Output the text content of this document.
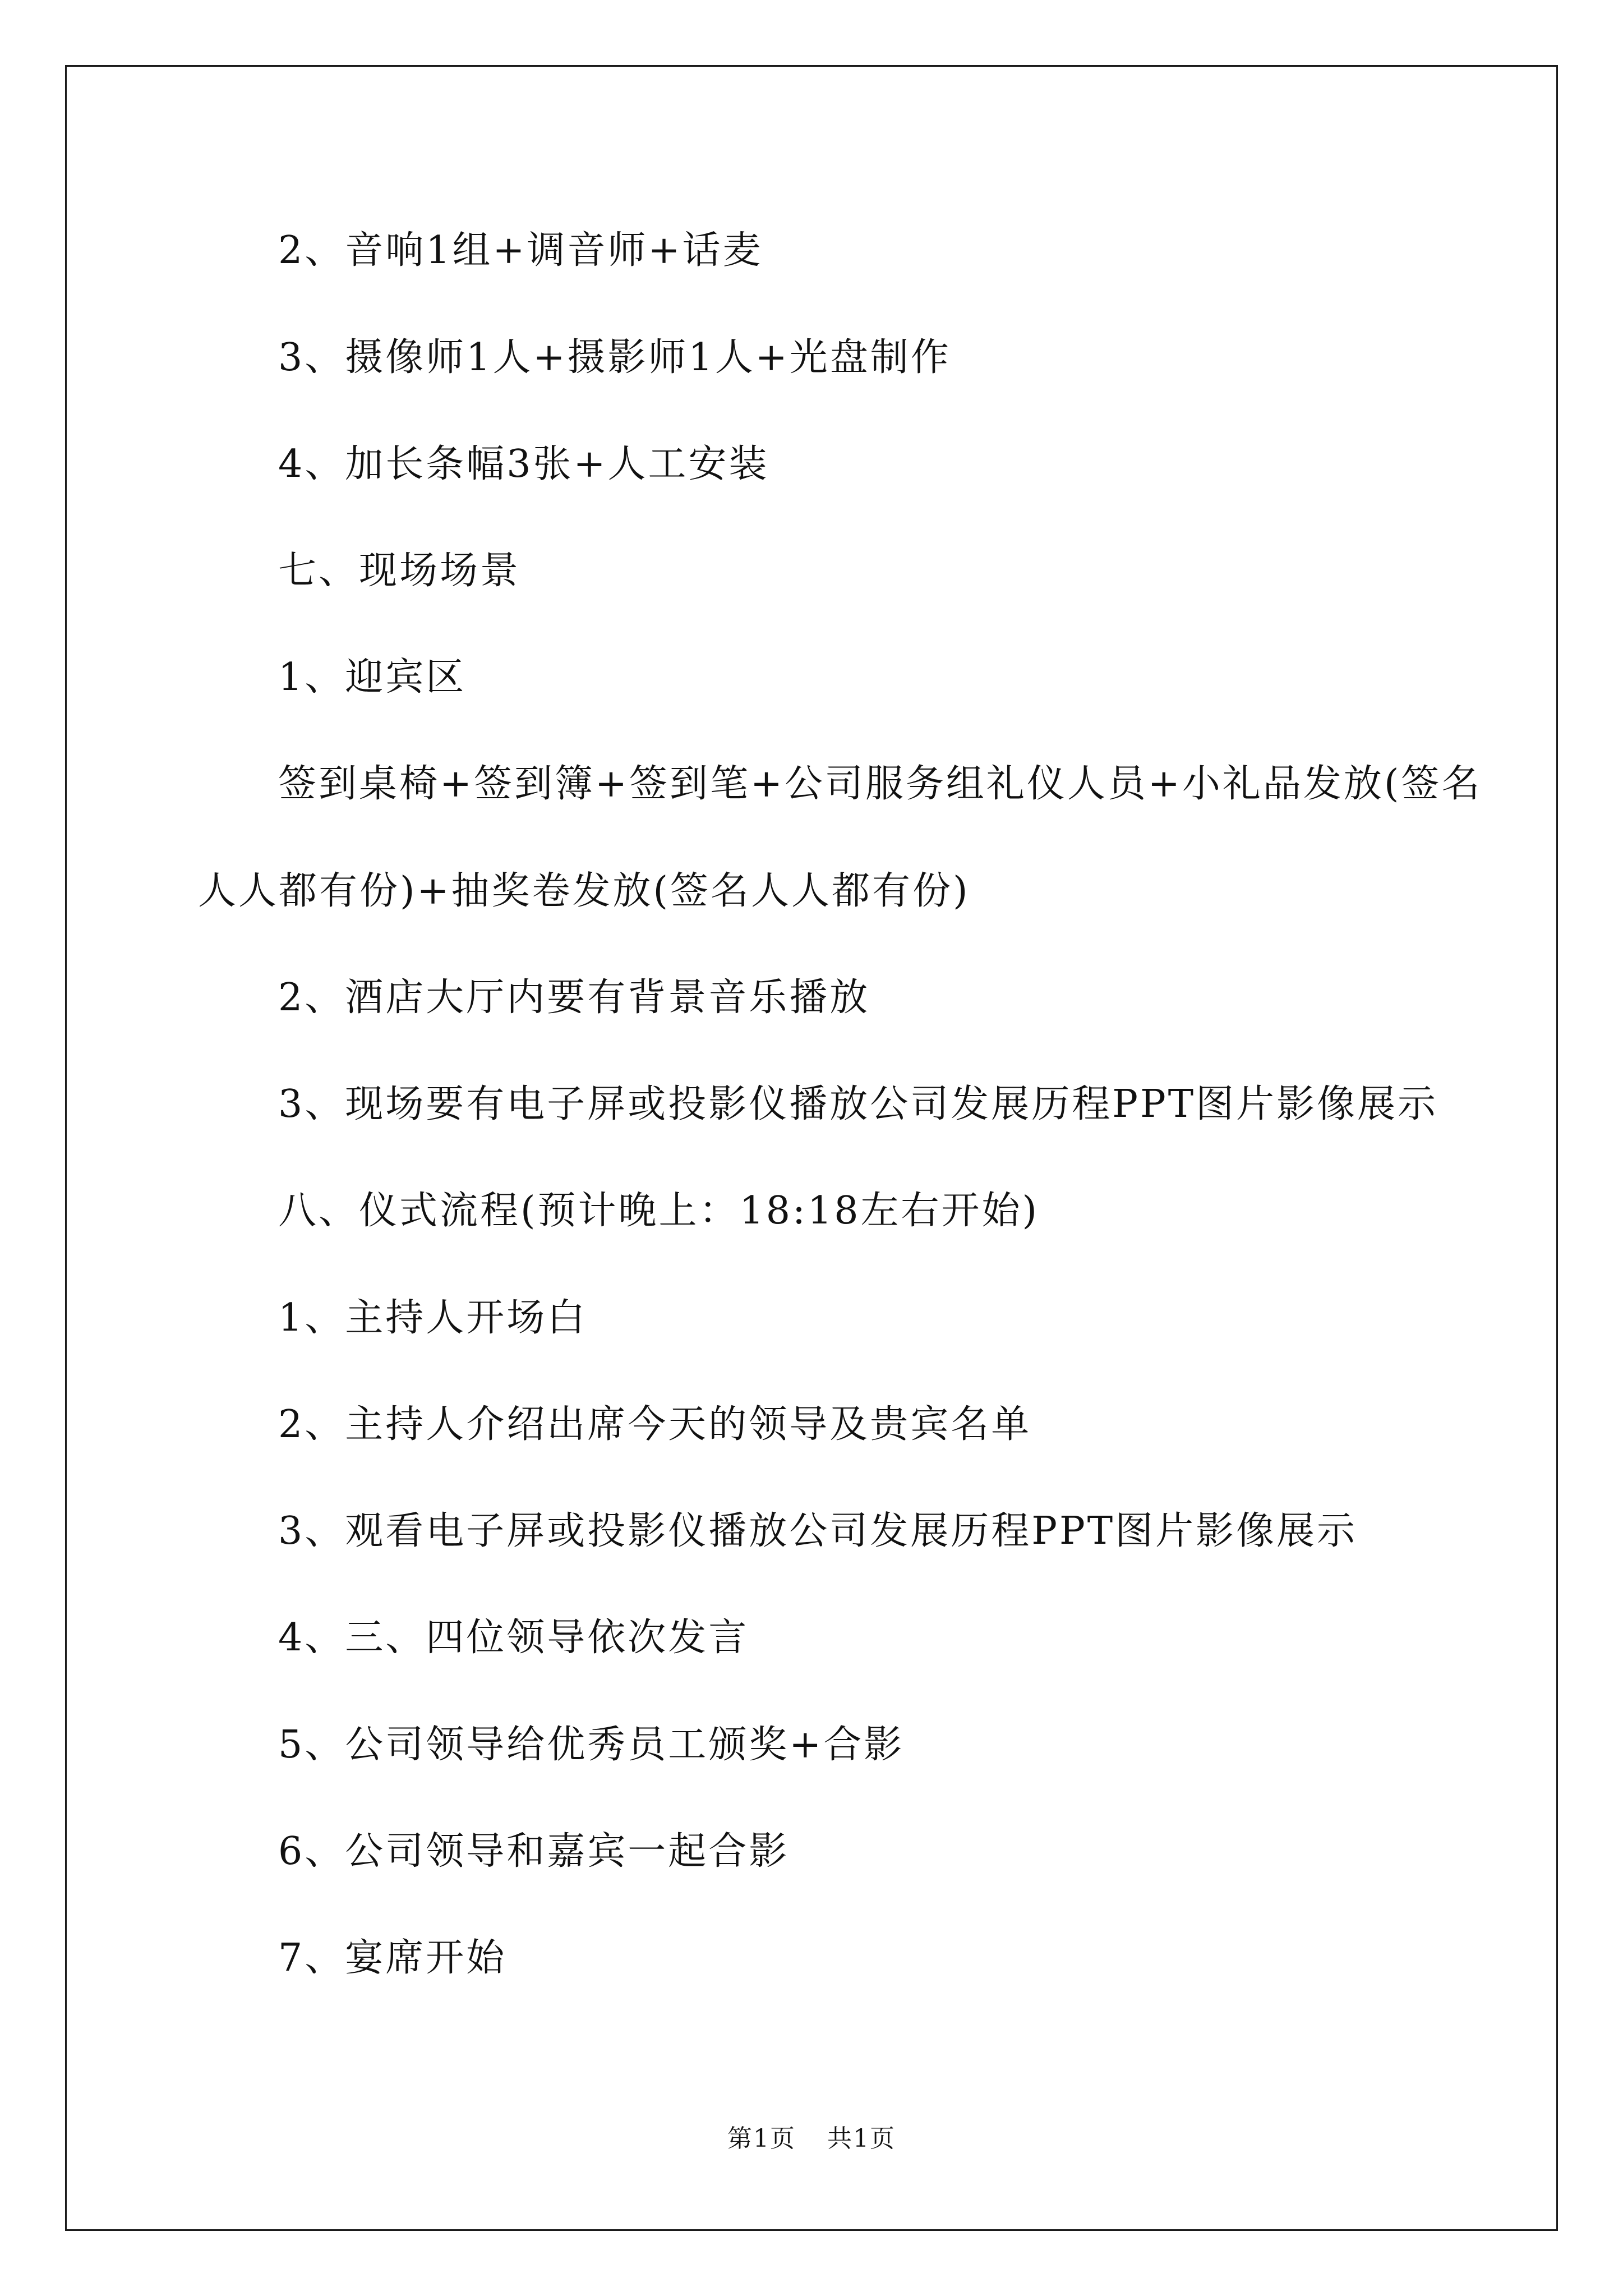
2、音响1组+调音师+话麦
3、摄像师1人+摄影师1人+光盘制作
4、加长条幅3张+人工安装
七、现场场景
1、迎宾区
签到桌椅+签到簿+签到笔+公司服务组礼仪人员+小礼品发放(签名
人人都有份)+抽奖卷发放(签名人人都有份)
2、酒店大厅内要有背景音乐播放
3、现场要有电子屏或投影仪播放公司发展历程PPT图片影像展示
八、仪式流程(预计晚上：18:18左右开始)
1、主持人开场白
2、主持人介绍出席今天的领导及贵宾名单
3、观看电子屏或投影仪播放公司发展历程PPT图片影像展示
4、三、四位领导依次发言
5、公司领导给优秀员工颁奖+合影
6、公司领导和嘉宾一起合影
7、宴席开始
第1页 共1页
